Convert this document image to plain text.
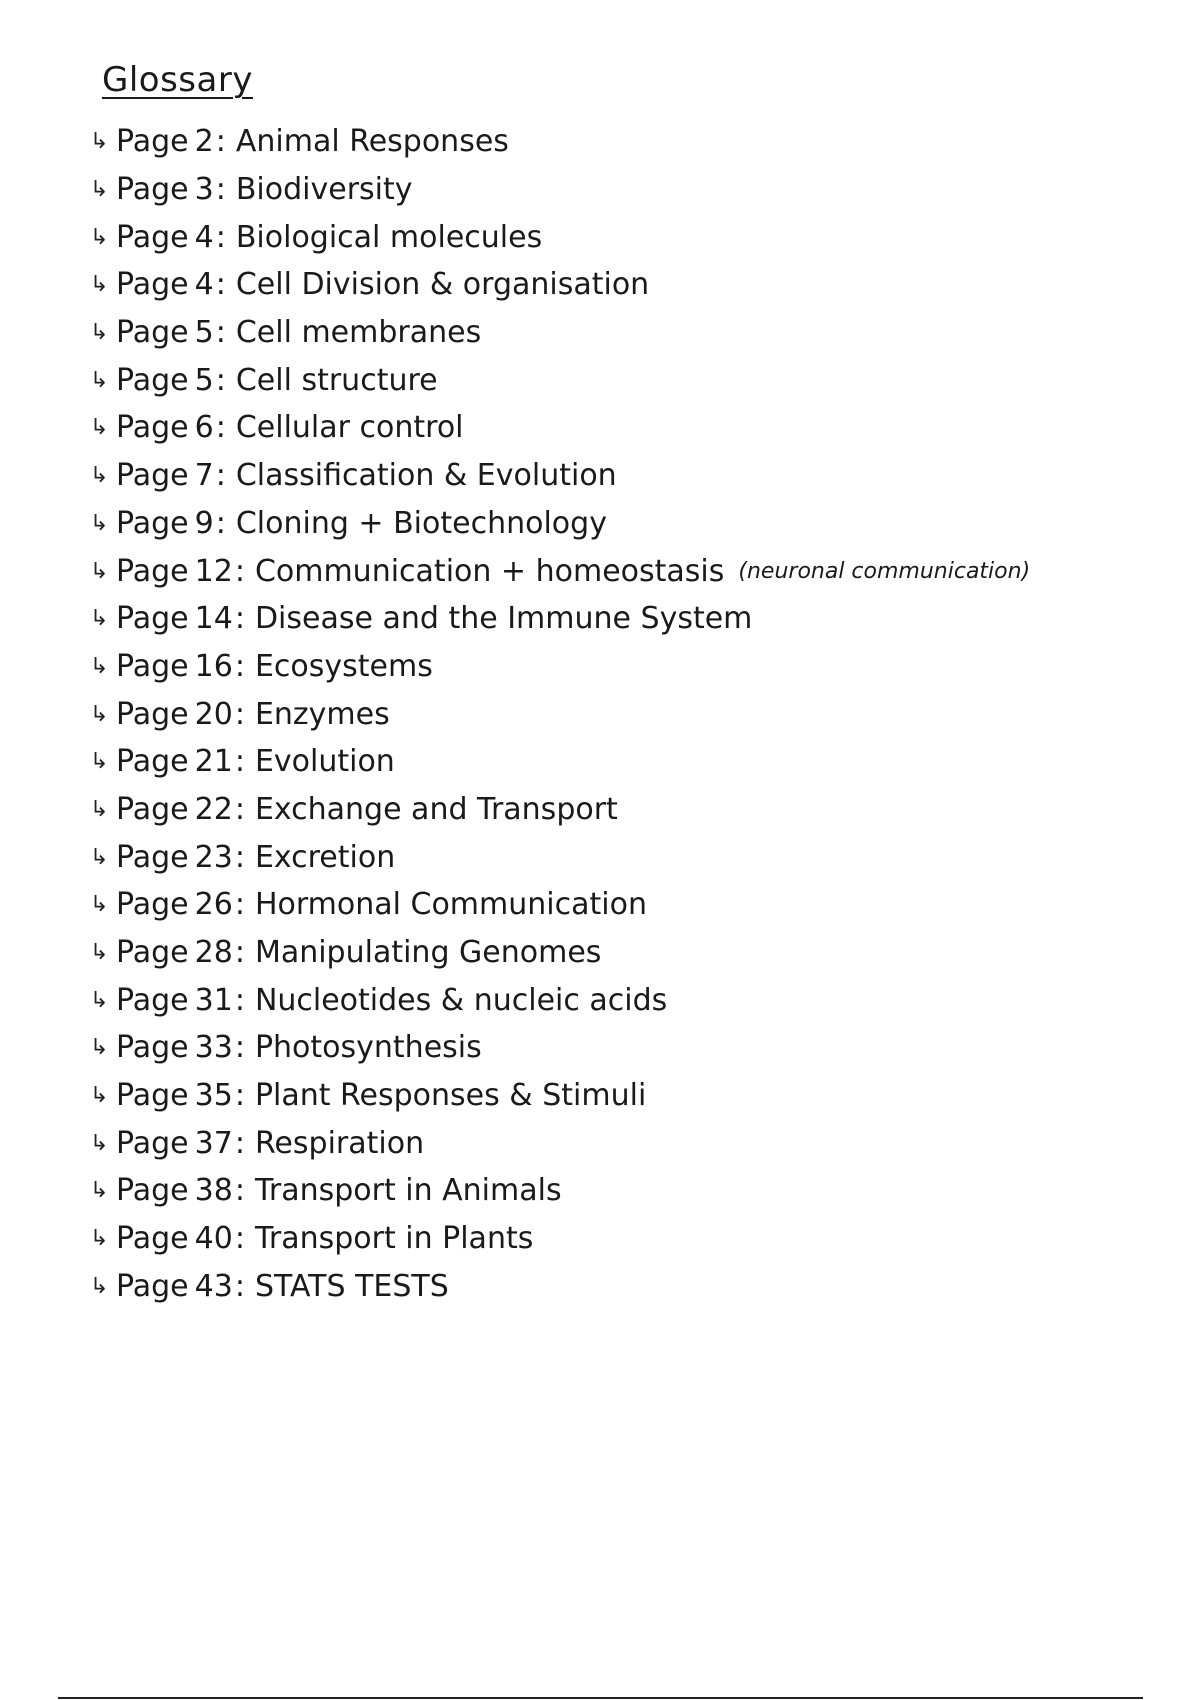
Glossary
↳ Page 2 : Animal Responses
↳ Page 3 : Biodiversity
↳ Page 4 : Biological molecules
↳ Page 4 : Cell Division & organisation
↳ Page 5 : Cell membranes
↳ Page 5 : Cell structure
↳ Page 6 : Cellular control
↳ Page 7 : Classification & Evolution
↳ Page 9 : Cloning + Biotechnology
↳ Page 12 : Communication + homeostasis (neuronal communication)
↳ Page 14 : Disease and the Immune System
↳ Page 16 : Ecosystems
↳ Page 20 : Enzymes
↳ Page 21 : Evolution
↳ Page 22 : Exchange and Transport
↳ Page 23 : Excretion
↳ Page 26 : Hormonal Communication
↳ Page 28 : Manipulating Genomes
↳ Page 31 : Nucleotides & nucleic acids
↳ Page 33 : Photosynthesis
↳ Page 35 : Plant Responses & Stimuli
↳ Page 37 : Respiration
↳ Page 38 : Transport in Animals
↳ Page 40 : Transport in Plants
↳ Page 43 : STATS TESTS
